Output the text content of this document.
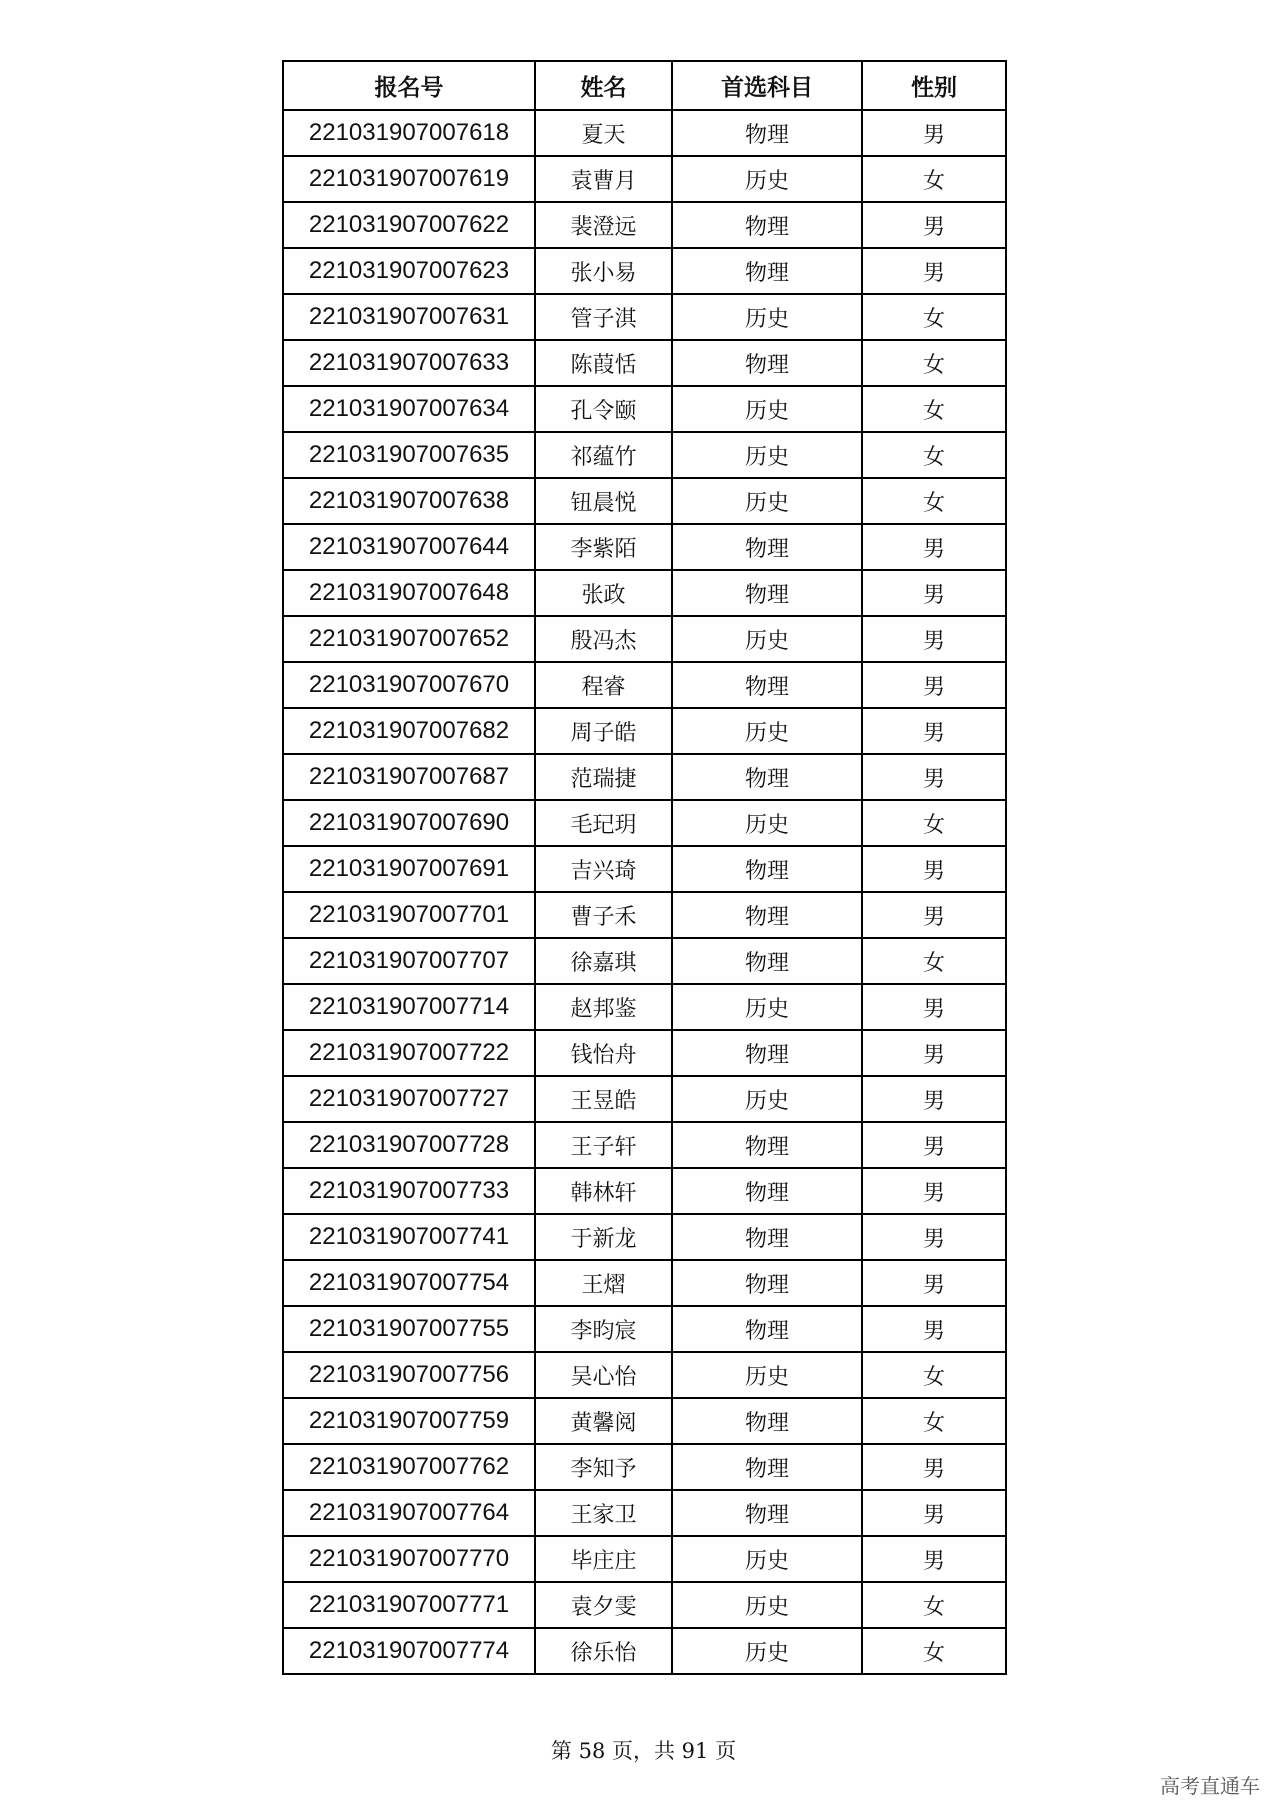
报名号	姓名	首选科目	性别
221031907007618	夏天	物理	男
221031907007619	袁曹月	历史	女
221031907007622	裴澄远	物理	男
221031907007623	张小易	物理	男
221031907007631	管子淇	历史	女
221031907007633	陈葭恬	物理	女
221031907007634	孔令颐	历史	女
221031907007635	祁蕴竹	历史	女
221031907007638	钮晨悦	历史	女
221031907007644	李紫陌	物理	男
221031907007648	张政	物理	男
221031907007652	殷冯杰	历史	男
221031907007670	程睿	物理	男
221031907007682	周子皓	历史	男
221031907007687	范瑞捷	物理	男
221031907007690	毛玘玥	历史	女
221031907007691	吉兴琦	物理	男
221031907007701	曹子禾	物理	男
221031907007707	徐嘉琪	物理	女
221031907007714	赵邦鉴	历史	男
221031907007722	钱怡舟	物理	男
221031907007727	王昱皓	历史	男
221031907007728	王子轩	物理	男
221031907007733	韩林轩	物理	男
221031907007741	于新龙	物理	男
221031907007754	王熠	物理	男
221031907007755	李昀宸	物理	男
221031907007756	吴心怡	历史	女
221031907007759	黄馨阅	物理	女
221031907007762	李知予	物理	男
221031907007764	王家卫	物理	男
221031907007770	毕庄庄	历史	男
221031907007771	袁夕雯	历史	女
221031907007774	徐乐怡	历史	女
第 58 页，共 91 页
高考直通车
